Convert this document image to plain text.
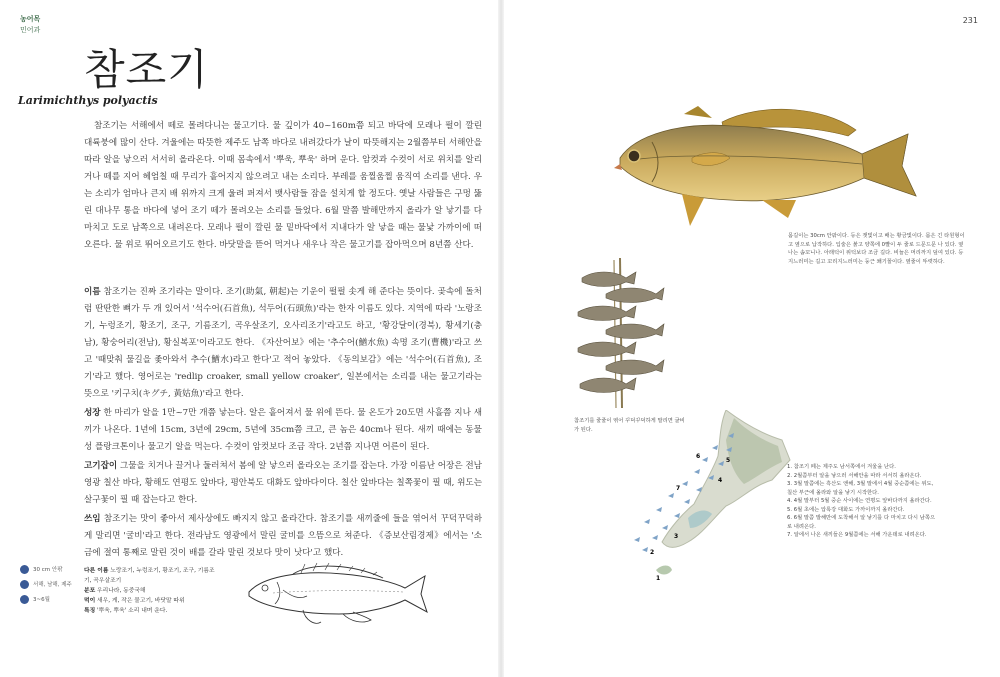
농어목
민어과
231
참조기
Larimichthys polyactis

참조기는 서해에서 떼로 몰려다니는 물고기다. 물 깊이가 40~160m쯤 되고 바닥에 모래나 펄이 깔린 대륙붕에 많이 산다. 겨울에는 따뜻한 제주도 남쪽 바다로 내려갔다가 날이 따뜻해지는 2월쯤부터 서해안을 따라 알을 낳으러 서서히 올라온다. 이때 몸속에서 '뿌욱, 뿌욱' 하며 운다. 암컷과 수컷이 서로 위치를 알리거나 떼를 지어 헤엄칠 때 무리가 흩어지지 않으려고 내는 소리다. 부레를 움찔움찔 움직여 소리를 낸다. 우는 소리가 엄마나 큰지 배 위까지 크게 울려 퍼져서 뱃사람들 잠을 설치게 할 정도다. 옛날 사람들은 구멍 뚫린 대나무 통을 바다에 넣어 조기 떼가 몰려오는 소리를 들었다. 6월 말쯤 발해만까지 올라가 알 낳기를 다 마치고 도로 남쪽으로 내려온다. 모래나 펄이 깔린 물 밑바닥에서 지내다가 알 낳을 때는 물낯 가까이에 떠오른다. 물 위로 뛰어오르기도 한다. 바닷말을 뜯어 먹거나 새우나 작은 물고기를 잡아먹으며 8년쯤 산다.

이름 참조기는 진짜 조기라는 말이다. 조기(助氣, 朝起)는 기운이 펄펄 솟게 해 준다는 뜻이다. 곶속에 돌처럼 딴딴한 뼈가 두 개 있어서 '석수어(石首魚), 석두어(石頭魚)'라는 한자 이름도 있다. 지역에 따라 '노랑조기, 누렁조기, 황조기, 조구, 기름조기, 곡우살조기, 오사리조기'라고도 하고, '황강달이(경북), 황세기(충남), 황숭어리(전남), 황실복포'이라고도 한다. 《자산어보》에는 '추수어(鰌水魚) 속명 조기(曹機)'라고 쓰고 '때맞춰 물길을 좇아와서 추수(鰌水)라고 한다'고 적어 놓았다. 《동의보감》에는 '석수어(石首魚), 조기'라고 했다. 영어로는 'redlip croaker, small yellow croaker', 일본에서는 소리를 내는 물고기라는 뜻으로 '키구치(キグチ, 黃姑魚)'라고 한다.

성장 한 마리가 알을 1만~7만 개쯤 낳는다. 알은 흩어져서 물 위에 뜬다. 물 온도가 20도면 사흘쯤 지나 새끼가 나온다. 1년에 15cm, 3년에 29cm, 5년에 35cm쯤 크고, 큰 놈은 40cm나 된다. 새끼 때에는 동물성 플랑크톤이나 물고기 알을 먹는다. 수컷이 암컷보다 조금 작다. 2년쯤 지나면 어른이 된다.

고기잡이 그물을 치거나 끌거나 둘러쳐서 봄에 알 낳으러 올라오는 조기를 잡는다. 가장 이름난 어장은 전남 영광 칠산 바다, 황해도 연평도 앞바다, 평안북도 대화도 앞바다이다. 칠산 앞바다는 칠쪽꽃이 필 때, 위도는 살구꽃이 필 때 잡는다고 한다.

쓰임 참조기는 맛이 좋아서 제사상에도 빠지지 않고 올라간다. 참조기를 새끼줄에 들을 엮어서 꾸덕꾸덕하게 말리면 '굴비'라고 한다. 전라남도 영광에서 말린 굴비를 으뜸으로 쳐준다. 《증보산림경제》에서는 '소금에 절여 통째로 말린 것이 배를 갈라 말린 것보다 맛이 낫다'고 했다.

30 cm 안팎
서해, 남해, 제주
3~6월
다른 이름 노랑조기, 누렁조기, 황조기, 조구, 기름조기, 곡우살조기
분포 우리나라, 동중국해
먹이 새우, 게, 작은 물고기, 바닷말 따위
특징 '뿌욱, 뿌욱' 소리 내며 운다.
1
2
3
4
5
6
7
몸길이는 30cm 안팎이다. 등은 잿빛이고 배는 황금빛이다. 몸은 긴 타원형이고 옆으로 납작하다. 입술은 붉고 양쪽에 0빨이 두 줄로 드문드문 나 있다. 옆나는 솜꼬니나. 아래턱이 위턱보다 조금 길다. 비늘은 머리까지 덮여 있다. 등지느러미는 길고 꼬리지느러미는 둥근 쐐기꼴이다. 옆줄이 뚜렷하다.
참조기를 줄줄이 엮어 꾸덕꾸덕하게 말리면 굴비가 된다.
1. 참조기 떼는 제주도 남서쪽에서 겨울을 난다.
2. 2월쯤부터 알을 낳으러 서해안을 따라 서서히 올라온다.
3. 3월 말쯤에는 흑산도 앤해, 3월 말에서 4월 중순쯤에는 위도, 칠산 부근에 올라와 알을 낳기 시작한다.
4. 4월 말부터 5월 중순 사이에는 연평도 앞바다까지 올라간다.
5. 6월 초에는 압록강 대화도 가까이까지 올라간다.
6. 6월 말쯤 발해만에 도착해서 알 낳기를 다 마치고 다시 남쪽으로 내려온다.
7. 알에서 나온 새끼들은 9월쯤에는 서해 가운데로 내려온다.
